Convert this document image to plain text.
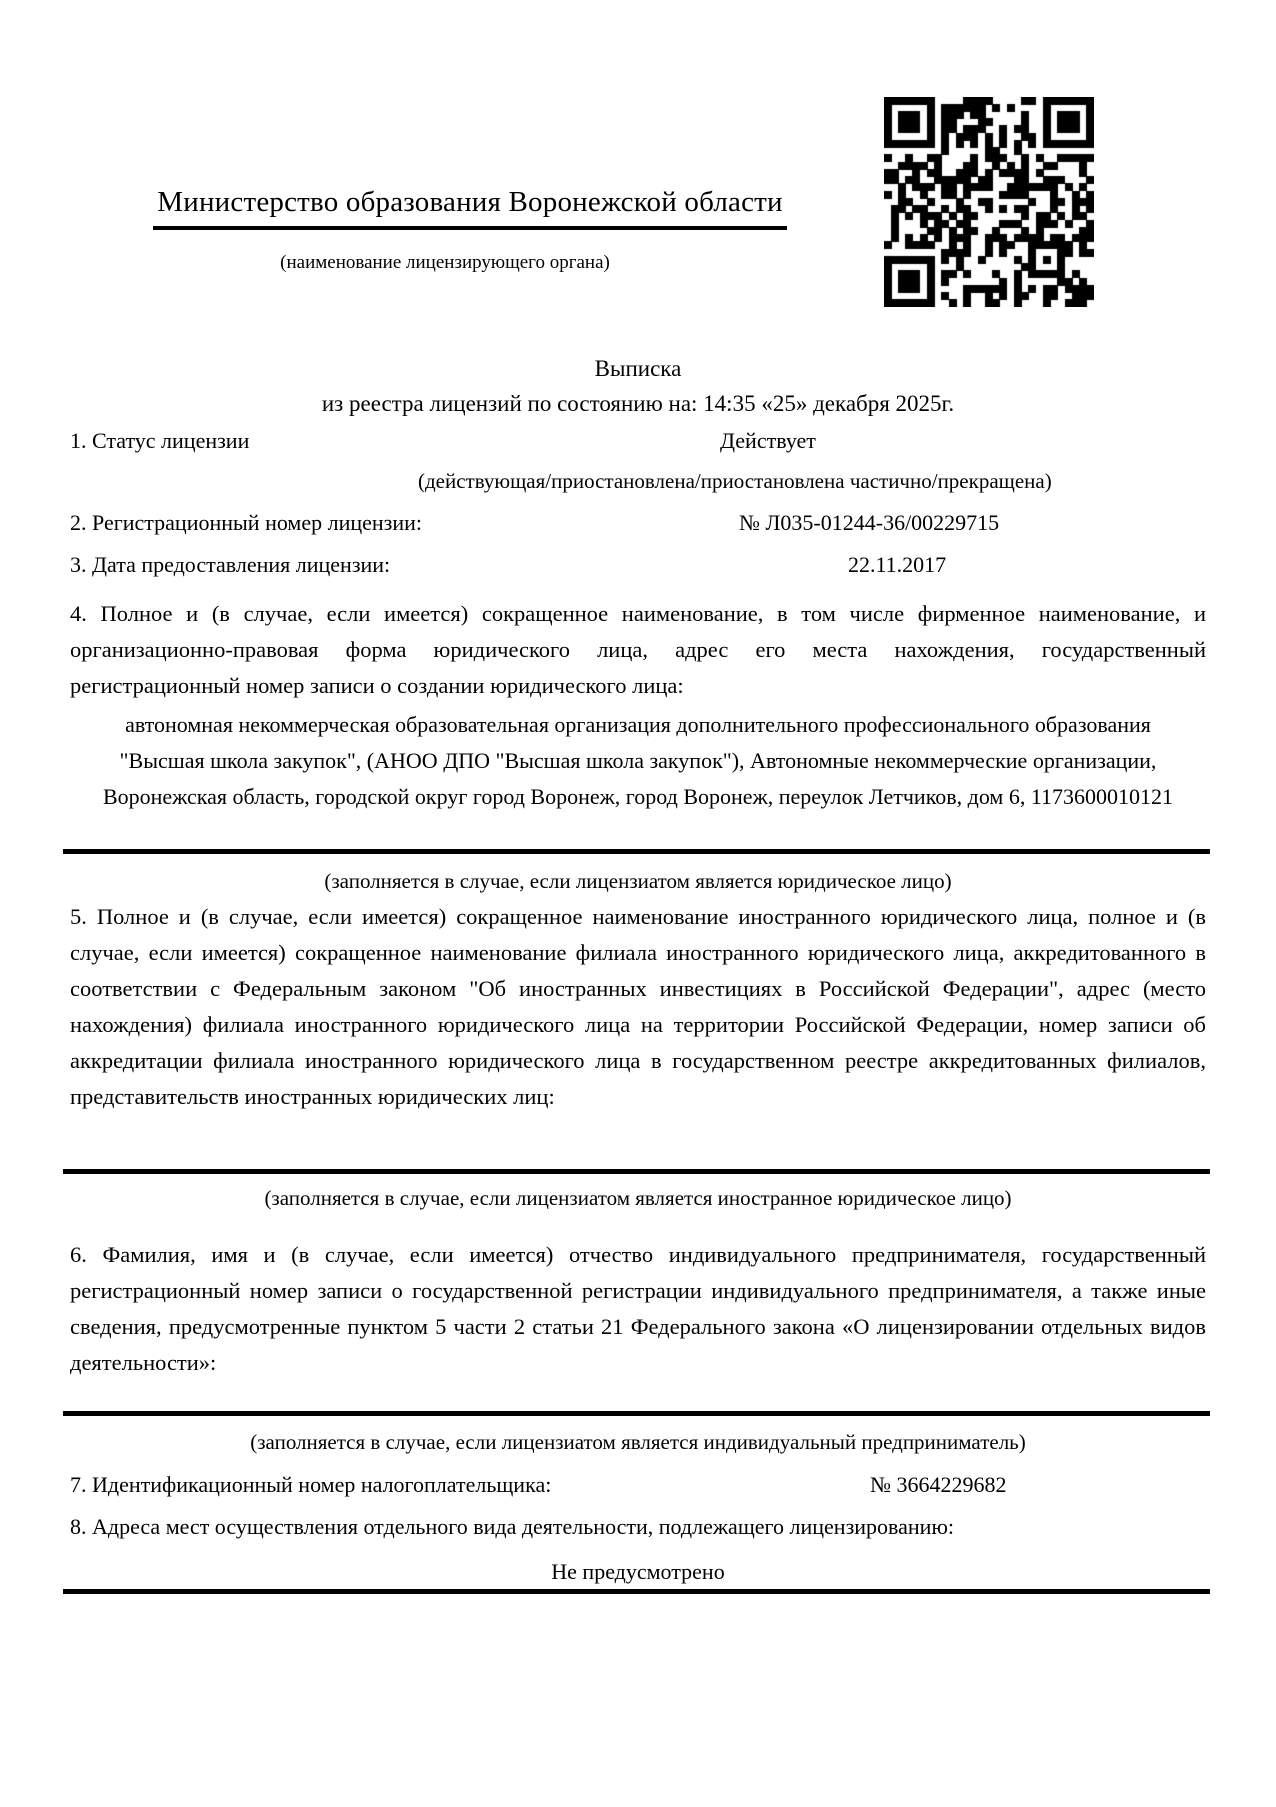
Министерство образования Воронежской области
(наименование лицензирующего органа)
Выписка
из реестра лицензий по состоянию на: 14:35 «25» декабря 2025г.
1. Статус лицензии	Действует
(действующая/приостановлена/приостановлена частично/прекращена)
2. Регистрационный номер лицензии:	№ Л035-01244-36/00229715
3. Дата предоставления лицензии:	22.11.2017
4. Полное и (в случае, если имеется) сокращенное наименование, в том числе фирменное наименование, и организационно-правовая форма юридического лица, адрес его места нахождения, государственный регистрационный номер записи о создании юридического лица:
автономная некоммерческая образовательная организация дополнительного профессионального образования "Высшая школа закупок", (АНОО ДПО "Высшая школа закупок"), Автономные некоммерческие организации, Воронежская область, городской округ город Воронеж, город Воронеж, переулок Летчиков, дом 6, 1173600010121
(заполняется в случае, если лицензиатом является юридическое лицо)
5. Полное и (в случае, если имеется) сокращенное наименование иностранного юридического лица, полное и (в случае, если имеется) сокращенное наименование филиала иностранного юридического лица, аккредитованного в соответствии с Федеральным законом "Об иностранных инвестициях в Российской Федерации", адрес (место нахождения) филиала иностранного юридического лица на территории Российской Федерации, номер записи об аккредитации филиала иностранного юридического лица в государственном реестре аккредитованных филиалов, представительств иностранных юридических лиц:
(заполняется в случае, если лицензиатом является иностранное юридическое лицо)
6. Фамилия, имя и (в случае, если имеется) отчество индивидуального предпринимателя, государственный регистрационный номер записи о государственной регистрации индивидуального предпринимателя, а также иные сведения, предусмотренные пунктом 5 части 2 статьи 21 Федерального закона «О лицензировании отдельных видов деятельности»:
(заполняется в случае, если лицензиатом является индивидуальный предприниматель)
7. Идентификационный номер налогоплательщика:	№ 3664229682
8. Адреса мест осуществления отдельного вида деятельности, подлежащего лицензированию:
Не предусмотрено
